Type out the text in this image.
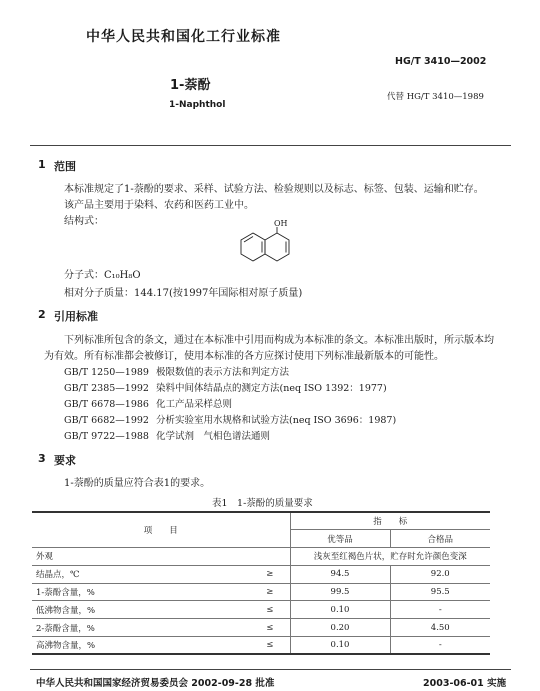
中华人民共和国化工行业标准
HG/T 3410—2002
1-萘酚
1-Naphthol
代替 HG/T 3410—1989
1 范围
本标准规定了1-萘酚的要求、采样、试验方法、检验规则以及标志、标签、包装、运输和贮存。
该产品主要用于染料、农药和医药工业中。
结构式：	OH
分子式：C₁₀H₈O
相对分子质量：144.17(按1997年国际相对原子质量)
2 引用标准
下列标准所包含的条文，通过在本标准中引用而构成为本标准的条文。本标准出版时，所示版本均
为有效。所有标准都会被修订，使用本标准的各方应探讨使用下列标准最新版本的可能性。
GB/T 1250—1989 极限数值的表示方法和判定方法
GB/T 2385—1992 染料中间体结晶点的测定方法(neq ISO 1392：1977)
GB/T 6678—1986 化工产品采样总则
GB/T 6682—1992 分析实验室用水规格和试验方法(neq ISO 3696：1987)
GB/T 9722—1988 化学试剂　气相色谱法通则
3 要求
1-萘酚的质量应符合表1的要求。
表1　1-萘酚的质量要求
项　　目		指　　标	
		优等品	合格品
外观		浅灰至红褐色片状，贮存时允许颜色变深	
结晶点，℃	≥	94.5	92.0
1-萘酚含量，%	≥	99.5	95.5
低沸物含量，%	≤	0.10	-
2-萘酚含量，%	≤	0.20	4.50
高沸物含量，%	≤	0.10	-
中华人民共和国国家经济贸易委员会 2002-09-28 批准	2003-06-01 实施
